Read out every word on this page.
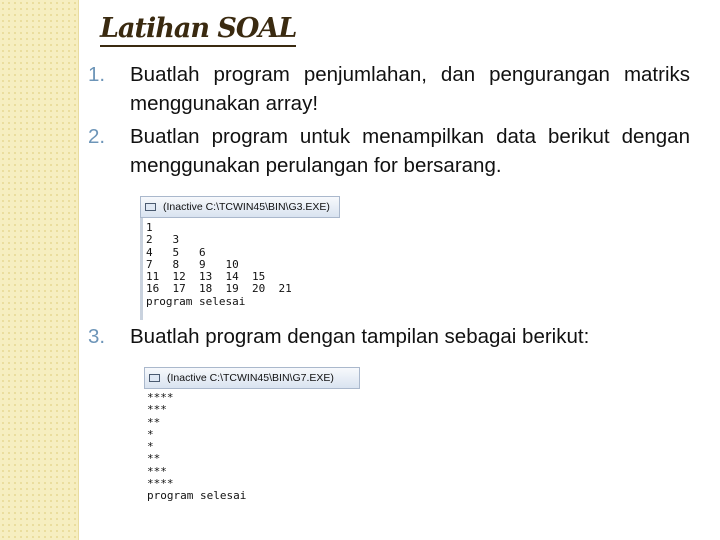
Latihan SOAL
1. Buatlah program penjumlahan, dan pengurangan matriks menggunakan array!
2. Buatlan program untuk menampilkan data berikut dengan menggunakan perulangan for bersarang.
(Inactive C:\TCWIN45\BIN\G3.EXE)
1
2   3
4   5   6
7   8   9   10
11  12  13  14  15
16  17  18  19  20  21
program selesai
3. Buatlah program dengan tampilan sebagai berikut:
(Inactive C:\TCWIN45\BIN\G7.EXE)
****
***
**
*
*
**
***
****
program selesai
